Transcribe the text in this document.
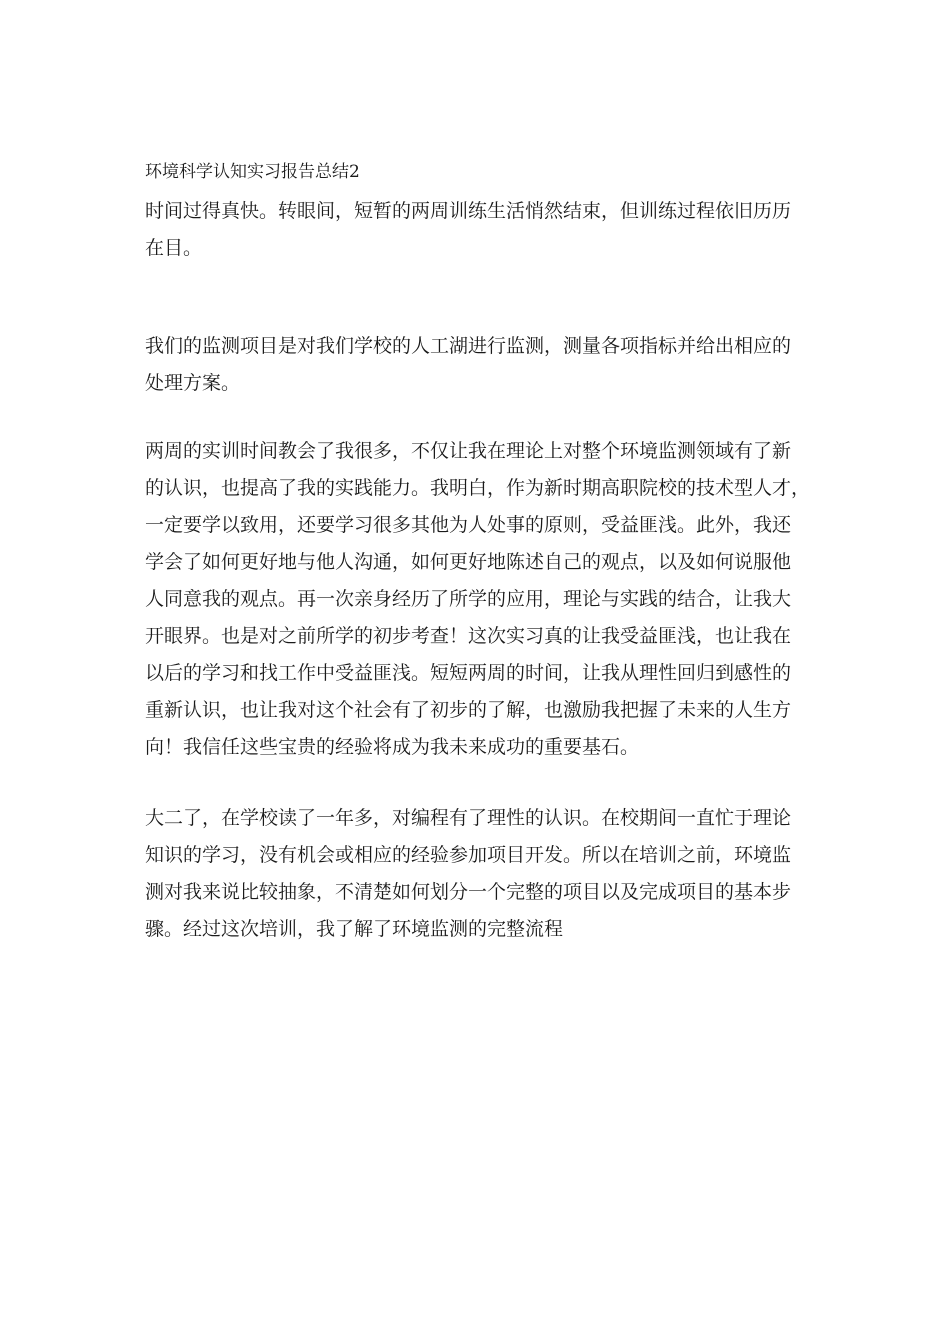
环境科学认知实习报告总结2

时间过得真快。转眼间，短暂的两周训练生活悄然结束，但训练过程依旧历历
在目。

我们的监测项目是对我们学校的人工湖进行监测，测量各项指标并给出相应的
处理方案。

两周的实训时间教会了我很多，不仅让我在理论上对整个环境监测领域有了新
的认识，也提高了我的实践能力。我明白，作为新时期高职院校的技术型人才，
一定要学以致用，还要学习很多其他为人处事的原则，受益匪浅。此外，我还
学会了如何更好地与他人沟通，如何更好地陈述自己的观点，以及如何说服他
人同意我的观点。再一次亲身经历了所学的应用，理论与实践的结合，让我大
开眼界。也是对之前所学的初步考查！这次实习真的让我受益匪浅，也让我在
以后的学习和找工作中受益匪浅。短短两周的时间，让我从理性回归到感性的
重新认识，也让我对这个社会有了初步的了解，也激励我把握了未来的人生方
向！我信任这些宝贵的经验将成为我未来成功的重要基石。

大二了，在学校读了一年多，对编程有了理性的认识。在校期间一直忙于理论
知识的学习，没有机会或相应的经验参加项目开发。所以在培训之前，环境监
测对我来说比较抽象，不清楚如何划分一个完整的项目以及完成项目的基本步
骤。经过这次培训，我了解了环境监测的完整流程
